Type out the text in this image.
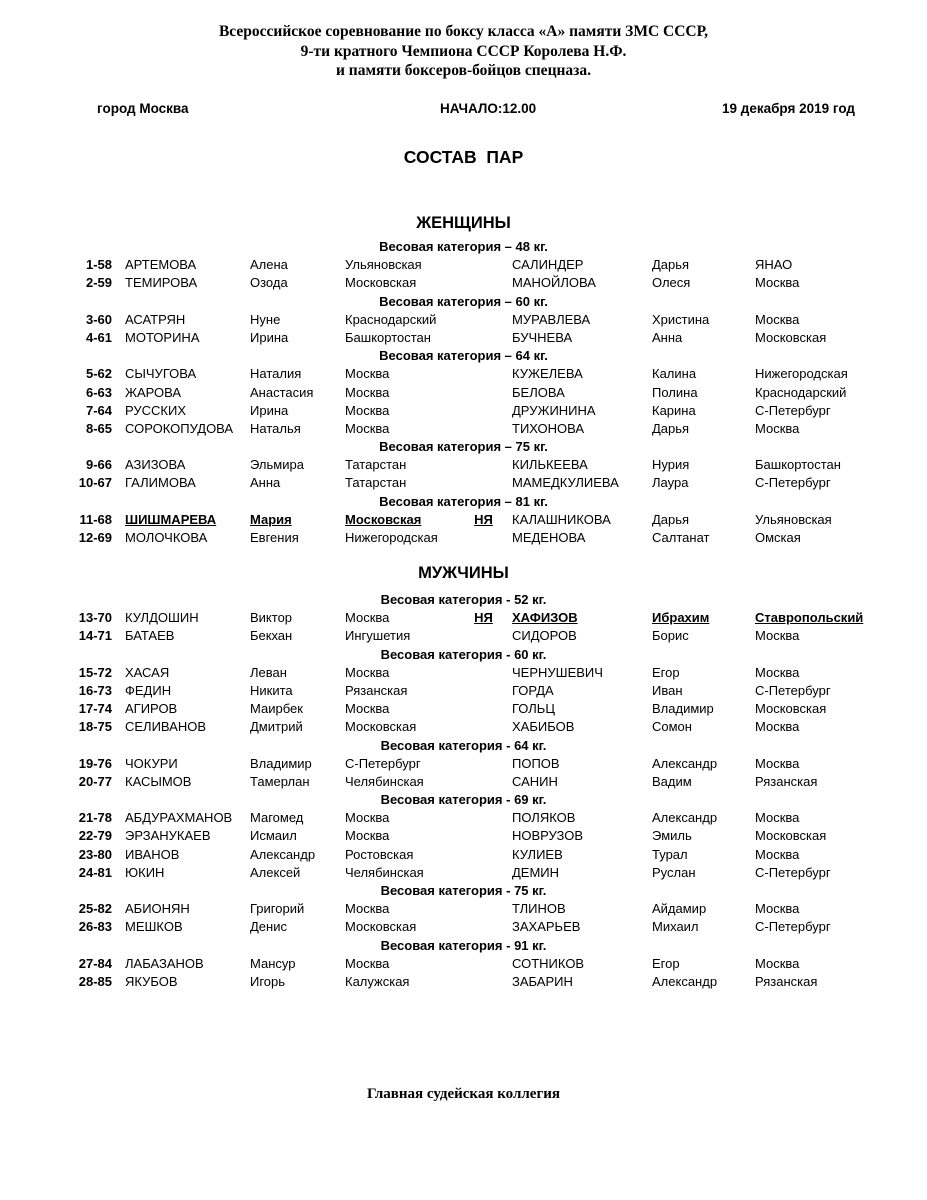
Всероссийское соревнование по боксу класса «А» памяти ЗМС СССР,
9-ти кратного Чемпиона СССР Королева Н.Ф.
и памяти боксеров-бойцов спецназа.
город Москва	НАЧАЛО:12.00	19 декабря 2019 год
СОСТАВ  ПАР
ЖЕНЩИНЫ
Весовая категория – 48 кг.
1-58	АРТЕМОВА	Алена	Ульяновская	САЛИНДЕР	Дарья	ЯНАО
2-59	ТЕМИРОВА	Озода	Московская	МАНОЙЛОВА	Олеся	Москва
Весовая категория – 60 кг.
3-60	АСАТРЯН	Нуне	Краснодарский	МУРАВЛЕВА	Христина	Москва
4-61	МОТОРИНА	Ирина	Башкортостан	БУЧНЕВА	Анна	Московская
Весовая категория – 64 кг.
5-62	СЫЧУГОВА	Наталия	Москва	КУЖЕЛЕВА	Калина	Нижегородская
6-63	ЖАРОВА	Анастасия	Москва	БЕЛОВА	Полина	Краснодарский
7-64	РУССКИХ	Ирина	Москва	ДРУЖИНИНА	Карина	С-Петербург
8-65	СОРОКОПУДОВА	Наталья	Москва	ТИХОНОВА	Дарья	Москва
Весовая категория – 75 кг.
9-66	АЗИЗОВА	Эльмира	Татарстан	КИЛЬКЕЕВА	Нурия	Башкортостан
10-67	ГАЛИМОВА	Анна	Татарстан	МАМЕДКУЛИЕВА	Лаура	С-Петербург
Весовая категория – 81 кг.
11-68	ШИШМАРЕВА	Мария	Московская	НЯ	КАЛАШНИКОВА	Дарья	Ульяновская
12-69	МОЛОЧКОВА	Евгения	Нижегородская	МЕДЕНОВА	Салтанат	Омская
МУЖЧИНЫ
Весовая категория - 52 кг.
13-70	КУЛДОШИН	Виктор	Москва	НЯ	ХАФИЗОВ	Ибрахим	Ставропольский
14-71	БАТАЕВ	Бекхан	Ингушетия	СИДОРОВ	Борис	Москва
Весовая категория - 60 кг.
15-72	ХАСАЯ	Леван	Москва	ЧЕРНУШЕВИЧ	Егор	Москва
16-73	ФЕДИН	Никита	Рязанская	ГОРДА	Иван	С-Петербург
17-74	АГИРОВ	Маирбек	Москва	ГОЛЬЦ	Владимир	Московская
18-75	СЕЛИВАНОВ	Дмитрий	Московская	ХАБИБОВ	Сомон	Москва
Весовая категория - 64 кг.
19-76	ЧОКУРИ	Владимир	С-Петербург	ПОПОВ	Александр	Москва
20-77	КАСЫМОВ	Тамерлан	Челябинская	САНИН	Вадим	Рязанская
Весовая категория - 69 кг.
21-78	АБДУРАХМАНОВ	Магомед	Москва	ПОЛЯКОВ	Александр	Москва
22-79	ЭРЗАНУКАЕВ	Исмаил	Москва	НОВРУЗОВ	Эмиль	Московская
23-80	ИВАНОВ	Александр	Ростовская	КУЛИЕВ	Турал	Москва
24-81	ЮКИН	Алексей	Челябинская	ДЕМИН	Руслан	С-Петербург
Весовая категория - 75 кг.
25-82	АБИОНЯН	Григорий	Москва	ТЛИНОВ	Айдамир	Москва
26-83	МЕШКОВ	Денис	Московская	ЗАХАРЬЕВ	Михаил	С-Петербург
Весовая категория - 91 кг.
27-84	ЛАБАЗАНОВ	Мансур	Москва	СОТНИКОВ	Егор	Москва
28-85	ЯКУБОВ	Игорь	Калужская	ЗАБАРИН	Александр	Рязанская
Главная судейская коллегия
